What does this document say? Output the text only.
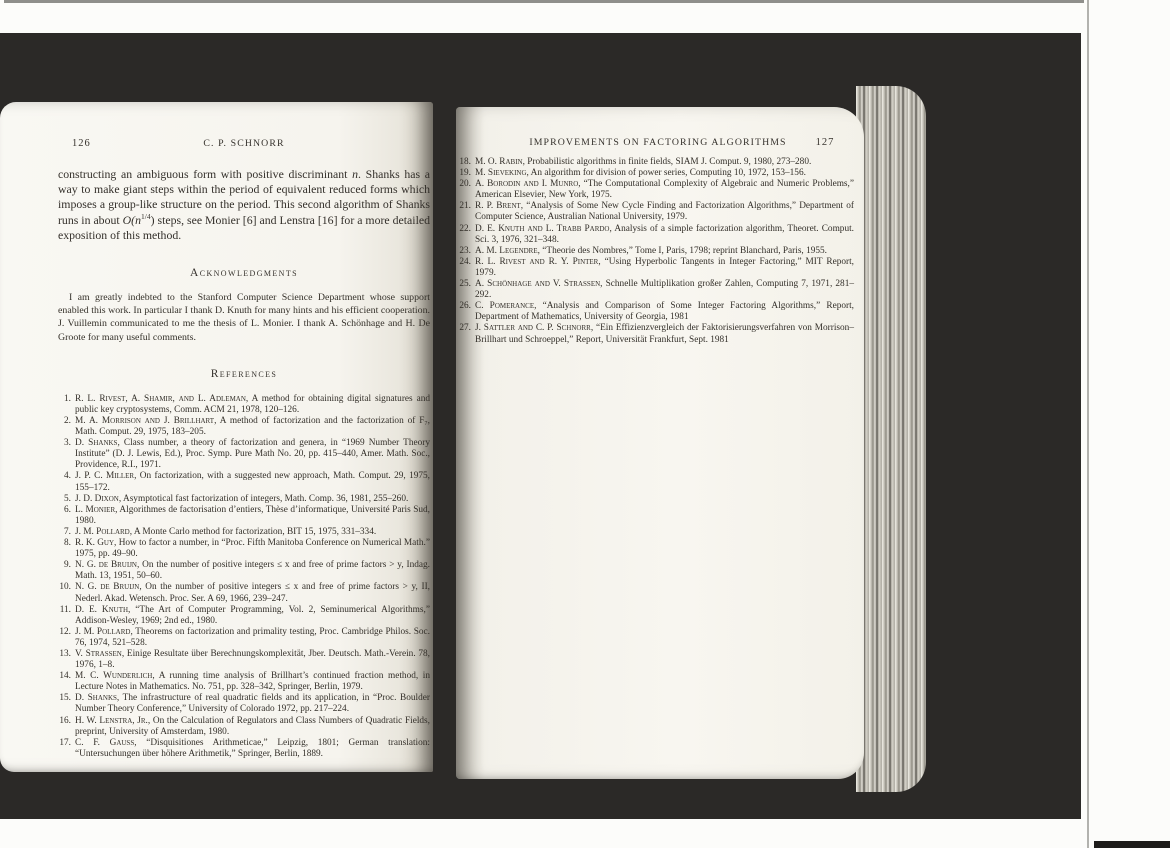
126	C. P. SCHNORR

constructing an ambiguous form with positive discriminant n. Shanks has a way to make giant steps within the period of equivalent reduced forms which imposes a group-like structure on the period. This second algorithm of Shanks runs in about $O(n^{1/4})$ steps, see Monier [6] and Lenstra [16] for a more detailed exposition of this method.

Acknowledgments

I am greatly indebted to the Stanford Computer Science Department whose support enabled this work. In particular I thank D. Knuth for many hints and his efficient cooperation. J. Vuillemin communicated to me the thesis of L. Monier. I thank A. Schönhage and H. De Groote for many useful comments.

References
1. R. L. Rivest, A. Shamir, and L. Adleman, A method for obtaining digital signatures and public key cryptosystems, Comm. ACM 21, 1978, 120–126.
2. M. A. Morrison and J. Brillhart, A method of factorization and the factorization of F₇, Math. Comput. 29, 1975, 183–205.
3. D. Shanks, Class number, a theory of factorization and genera, in “1969 Number Theory Institute” (D. J. Lewis, Ed.), Proc. Symp. Pure Math No. 20, pp. 415–440, Amer. Math. Soc., Providence, R.I., 1971.
4. J. P. C. Miller, On factorization, with a suggested new approach, Math. Comput. 29, 1975, 155–172.
5. J. D. Dixon, Asymptotical fast factorization of integers, Math. Comp. 36, 1981, 255–260.
6. L. Monier, Algorithmes de factorisation d’entiers, Thèse d’informatique, Université Paris Sud, 1980.
7. J. M. Pollard, A Monte Carlo method for factorization, BIT 15, 1975, 331–334.
8. R. K. Guy, How to factor a number, in “Proc. Fifth Manitoba Conference on Numerical Math.” 1975, pp. 49–90.
9. N. G. de Bruijn, On the number of positive integers ≤ x and free of prime factors > y, Indag. Math. 13, 1951, 50–60.
10. N. G. de Bruijn, On the number of positive integers ≤ x and free of prime factors > y, II, Nederl. Akad. Wetensch. Proc. Ser. A 69, 1966, 239–247.
11. D. E. Knuth, “The Art of Computer Programming, Vol. 2, Seminumerical Algorithms,” Addison-Wesley, 1969; 2nd ed., 1980.
12. J. M. Pollard, Theorems on factorization and primality testing, Proc. Cambridge Philos. Soc. 76, 1974, 521–528.
13. V. Strassen, Einige Resultate über Berechnungskomplexität, Jber. Deutsch. Math.-Verein. 78, 1976, 1–8.
14. M. C. Wunderlich, A running time analysis of Brillhart’s continued fraction method, in Lecture Notes in Mathematics. No. 751, pp. 328–342, Springer, Berlin, 1979.
15. D. Shanks, The infrastructure of real quadratic fields and its application, in “Proc. Boulder Number Theory Conference,” University of Colorado 1972, pp. 217–224.
16. H. W. Lenstra, Jr., On the Calculation of Regulators and Class Numbers of Quadratic Fields, preprint, University of Amsterdam, 1980.
17. C. F. Gauss, “Disquisitiones Arithmeticae,” Leipzig, 1801; German translation: “Untersuchungen über höhere Arithmetik,” Springer, Berlin, 1889.
IMPROVEMENTS ON FACTORING ALGORITHMS	127
18. M. O. Rabin, Probabilistic algorithms in finite fields, SIAM J. Comput. 9, 1980, 273–280.
19. M. Sieveking, An algorithm for division of power series, Computing 10, 1972, 153–156.
20. A. Borodin and I. Munro, “The Computational Complexity of Algebraic and Numeric Problems,” American Elsevier, New York, 1975.
21. R. P. Brent, “Analysis of Some New Cycle Finding and Factorization Algorithms,” Department of Computer Science, Australian National University, 1979.
22. D. E. Knuth and L. Trabb Pardo, Analysis of a simple factorization algorithm, Theoret. Comput. Sci. 3, 1976, 321–348.
23. A. M. Legendre, “Theorie des Nombres,” Tome I, Paris, 1798; reprint Blanchard, Paris, 1955.
24. R. L. Rivest and R. Y. Pinter, “Using Hyperbolic Tangents in Integer Factoring,” MIT Report, 1979.
25. A. Schönhage and V. Strassen, Schnelle Multiplikation großer Zahlen, Computing 7, 1971, 281–292.
26. C. Pomerance, “Analysis and Comparison of Some Integer Factoring Algorithms,” Report, Department of Mathematics, University of Georgia, 1981
27. J. Sattler and C. P. Schnorr, “Ein Effizienzvergleich der Faktorisierungsverfahren von Morrison–Brillhart und Schroeppel,” Report, Universität Frankfurt, Sept. 1981
